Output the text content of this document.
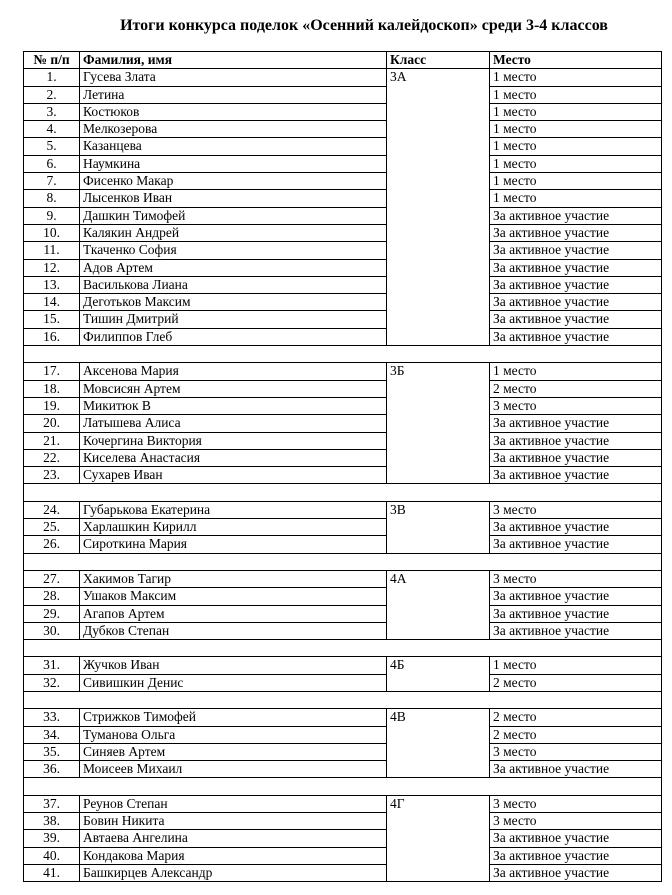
Итоги конкурса поделок «Осенний калейдоскоп» среди 3-4 классов
№ п/п	Фамилия, имя	Класс	Место
1.	Гусева Злата	3А	1 место
2.	Летина		1 место
3.	Костюков		1 место
4.	Мелкозерова		1 место
5.	Казанцева		1 место
6.	Наумкина		1 место
7.	Фисенко Макар		1 место
8.	Лысенков Иван		1 место
9.	Дашкин Тимофей		За активное участие
10.	Калякин Андрей		За активное участие
11.	Ткаченко София		За активное участие
12.	Адов Артем		За активное участие
13.	Василькова Лиана		За активное участие
14.	Деготьков Максим		За активное участие
15.	Тишин Дмитрий		За активное участие
16.	Филиппов Глеб		За активное участие

17.	Аксенова Мария	3Б	1 место
18.	Мовсисян Артем		2 место
19.	Микитюк В		3 место
20.	Латышева Алиса		За активное участие
21.	Кочергина Виктория		За активное участие
22.	Киселева Анастасия		За активное участие
23.	Сухарев Иван		За активное участие

24.	Губарькова Екатерина	3В	3 место
25.	Харлашкин Кирилл		За активное участие
26.	Сироткина Мария		За активное участие

27.	Хакимов Тагир	4А	3 место
28.	Ушаков Максим		За активное участие
29.	Агапов Артем		За активное участие
30.	Дубков Степан		За активное участие

31.	Жучков Иван	4Б	1 место
32.	Сивишкин Денис		2 место

33.	Стрижков Тимофей	4В	2 место
34.	Туманова Ольга		2 место
35.	Синяев Артем		3 место
36.	Моисеев Михаил		За активное участие

37.	Реунов Степан	4Г	3 место
38.	Бовин Никита		3 место
39.	Автаева Ангелина		За активное участие
40.	Кондакова Мария		За активное участие
41.	Башкирцев Александр		За активное участие
